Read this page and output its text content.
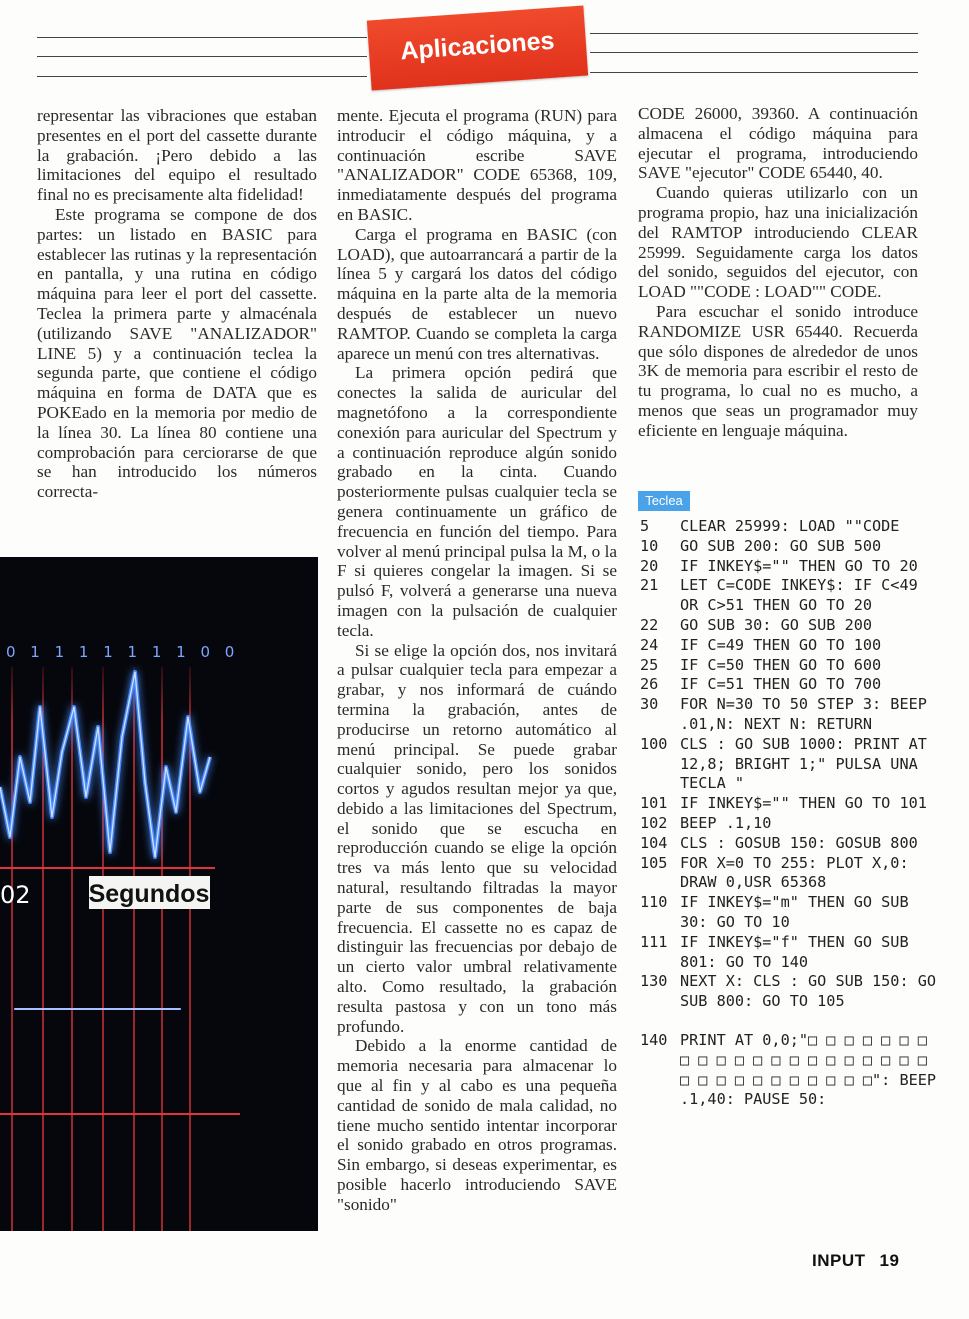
Aplicaciones

representar las vibraciones que estaban presentes en el port del cassette durante la grabación. ¡Pero debido a las limitaciones del equipo el resultado final no es precisamente alta fidelidad!

Este programa se compone de dos partes: un listado en BASIC para establecer las rutinas y la representación en pantalla, y una rutina en código máquina para leer el port del cassette. Teclea la primera parte y almacénala (utilizando SAVE "ANALIZADOR" LINE 5) y a continuación teclea la segunda parte, que contiene el código máquina en forma de DATA que es POKEado en la memoria por medio de la línea 30. La línea 80 contiene una comprobación para cerciorarse de que se han introducido los números correcta-

mente. Ejecuta el programa (RUN) para introducir el código máquina, y a continuación escribe SAVE "ANALIZADOR" CODE 65368, 109, inmediatamente después del programa en BASIC.

Carga el programa en BASIC (con LOAD), que autoarrancará a partir de la línea 5 y cargará los datos del código máquina en la parte alta de la memoria después de establecer un nuevo RAMTOP. Cuando se completa la carga aparece un menú con tres alternativas.

La primera opción pedirá que conectes la salida de auricular del magnetófono a la correspondiente conexión para auricular del Spectrum y a continuación reproduce algún sonido grabado en la cinta. Cuando posteriormente pulsas cualquier tecla se genera continuamente un gráfico de frecuencia en función del tiempo. Para volver al menú principal pulsa la M, o la F si quieres congelar la imagen. Si se pulsó F, volverá a generarse una nueva imagen con la pulsación de cualquier tecla.

Si se elige la opción dos, nos invitará a pulsar cualquier tecla para empezar a grabar, y nos informará de cuándo termina la grabación, antes de producirse un retorno automático al menú principal. Se puede grabar cualquier sonido, pero los sonidos cortos y agudos resultan mejor ya que, debido a las limitaciones del Spectrum, el sonido que se escucha en reproducción cuando se elige la opción tres va más lento que su velocidad natural, resultando filtradas la mayor parte de sus componentes de baja frecuencia. El cassette no es capaz de distinguir las frecuencias por debajo de un cierto valor umbral relativamente alto. Como resultado, la grabación resulta pastosa y con un tono más profundo.

Debido a la enorme cantidad de memoria necesaria para almacenar lo que al fin y al cabo es una pequeña cantidad de sonido de mala calidad, no tiene mucho sentido intentar incorporar el sonido grabado en otros programas. Sin embargo, si deseas experimentar, es posible hacerlo introduciendo SAVE "sonido"

CODE 26000, 39360. A continuación almacena el código máquina para ejecutar el programa, introduciendo SAVE "ejecutor" CODE 65440, 40.

Cuando quieras utilizarlo con un programa propio, haz una inicialización del RAMTOP introduciendo CLEAR 25999. Seguidamente carga los datos del sonido, seguidos del ejecutor, con LOAD ""CODE : LOAD"" CODE.

Para escuchar el sonido introduce RANDOMIZE USR 65440. Recuerda que sólo dispones de alrededor de unos 3K de memoria para escribir el resto de tu programa, lo cual no es mucho, a menos que seas un programador muy eficiente en lenguaje máquina.

0 1 1 1 1 1 1 1 0 0
02 Segundos
Teclea
5	CLEAR 25999: LOAD ""CODE
10	GO SUB 200: GO SUB 500
20	IF INKEY$="" THEN GO TO 20
21	LET C=CODE INKEY$: IF C<49 OR C>51 THEN GO TO 20
22	GO SUB 30: GO SUB 200
24	IF C=49 THEN GO TO 100
25	IF C=50 THEN GO TO 600
26	IF C=51 THEN GO TO 700
30	FOR N=30 TO 50 STEP 3: BEEP .01,N: NEXT N: RETURN
100 CLS : GO SUB 1000: PRINT AT 12,8; BRIGHT 1;" PULSA UNA TECLA "
101 IF INKEY$="" THEN GO TO 101
102 BEEP .1,10
104 CLS : GOSUB 150: GOSUB 800
105 FOR X=0 TO 255: PLOT X,0: DRAW 0,USR 65368
110 IF INKEY$="m" THEN GO SUB 30: GO TO 10
111 IF INKEY$="f" THEN GO SUB 801: GO TO 140
130 NEXT X: CLS : GO SUB 150: GO SUB 800: GO TO 105
140 PRINT AT 0,0;"□ □ □ □ □ □ □ □ □ □ □ □ □ □ □ □ □ □ □ □ □ □ □ □ □ □ □ □ □ □ □ □": BEEP .1,40: PAUSE 50:
INPUT 19
